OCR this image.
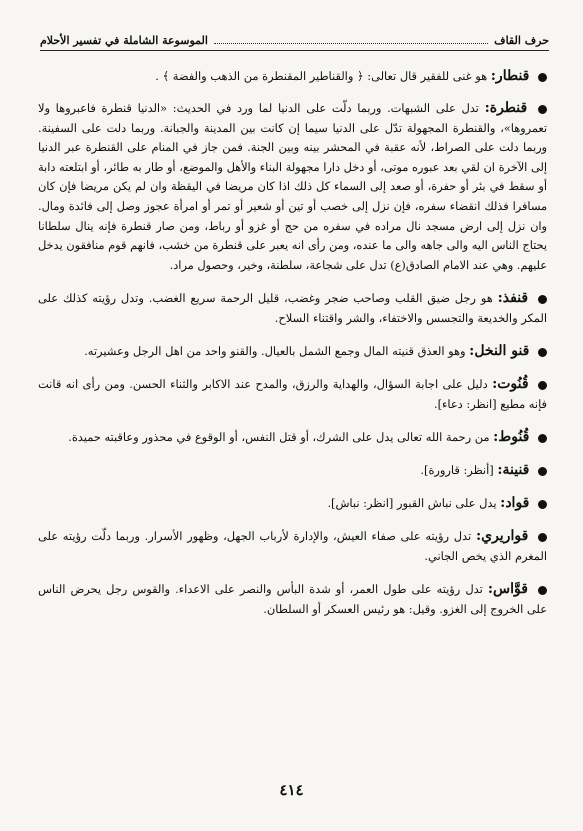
حرف القاف
الموسوعة الشاملة في تفسير الأحلام

قنطار: هو غنى للفقير قال تعالى: ﴿ والقناطير المقنطرة من الذهب والفضة ﴾ .

قنطرة: تدل على الشبهات. وربما دلّت على الدنيا لما ورد في الحديث: «الدنيا قنطرة فاعبروها ولا تعمروها»، والقنطرة المجهولة تدّل على الدنيا سيما إن كانت بين المدينة والجبانة. وربما دلت على السفينة. وربما دلت على الصراط، لأنه عقبة في المحشر بينه وبين الجنة. فمن جاز في المنام على القنطرة عبر الدنيا إلى الآخرة ان لقي بعد عبوره موتى، أو دخل دارا مجهولة البناء والأهل والموضع، أو طار به طائر، أو ابتلعته دابة أو سقط في بئر أو حفرة، أو صعد إلى السماء كل ذلك اذا كان مريضا في اليقظة وان لم يكن مريضا فإن كان مسافرا فذلك انقضاء سفره، فإن نزل إلى خصب أو تين أو شعير أو تمر أو امرأة عجوز وصل إلى فائدة ومال. وان نزل إلى ارض مسجد نال مراده في سفره من حج أو غزو أو رباط، ومن صار قنطرة فإنه ينال سلطانا يحتاج الناس اليه والى جاهه والى ما عنده، ومن رأى انه يعبر على قنطرة من خشب، فانهم قوم منافقون يدخل عليهم. وهي عند الامام الصادق(ع) تدل على شجاعة، سلطنة، وخير، وحصول مراد.

قنفذ: هو رجل ضيق القلب وصاحب ضجر وغضب، قليل الرحمة سريع الغضب. وتدل رؤيته كذلك على المكر والخديعة والتجسس والاختفاء، والشر واقتناء السلاح.

قنو النخل: وهو العذق قنيته المال وجمع الشمل بالعيال. والقنو واحد من اهل الرجل وعشيرته.

قُنُوت: دليل على اجابة السؤال، والهداية والرزق، والمدح عند الاكابر والثناء الحسن. ومن رأى انه قانت فإنه مطيع [انظر: دعاء].

قُنُوط: من رحمة الله تعالى يدل على الشرك، أو قتل النفس، أو الوقوع في محذور وعاقبته حميدة.

قنينة: [أنظر: قارورة].

قواد: يدل على نباش القبور [انظر: نباش].

قواريري: تدل رؤيته على صفاء العيش، والإدارة لأرباب الجهل، وظهور الأسرار. وربما دلّت رؤيته على المغرم الذي يخص الجاني.

قوَّاس: تدل رؤيته على طول العمر، أو شدة البأس والنصر على الاعداء. والقوس رجل يحرض الناس على الخروج إلى الغزو. وقيل: هو رئيس العسكر أو السلطان.

٤١٤
